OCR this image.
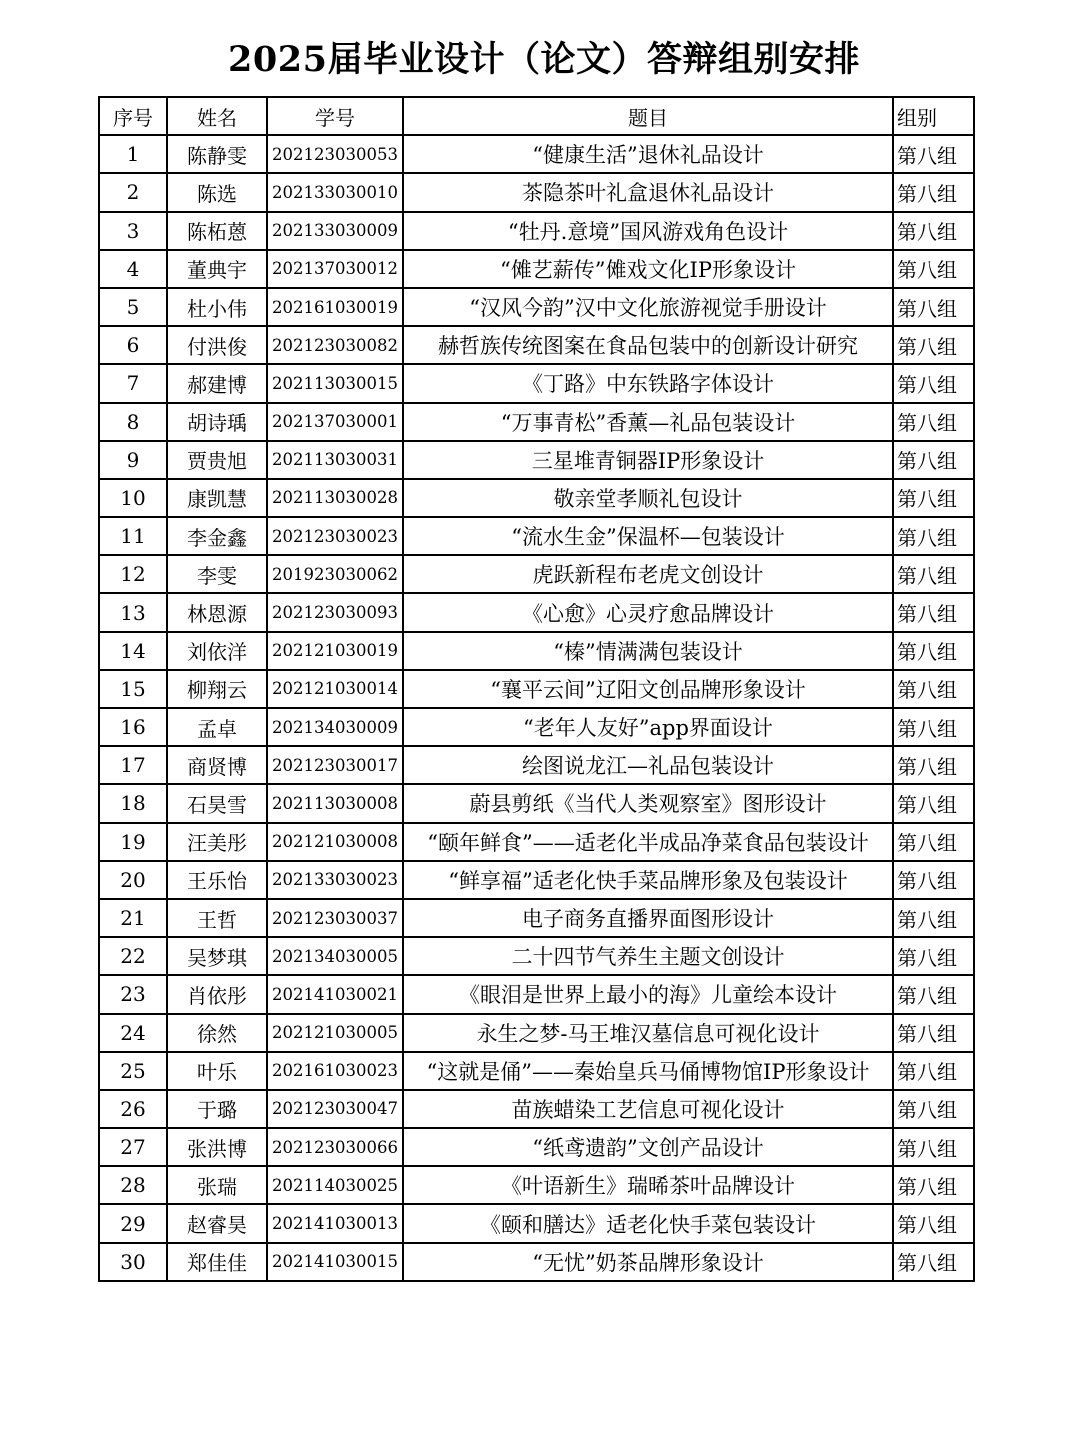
2025届毕业设计（论文）答辩组别安排
序号	姓名	学号	题目	组别
1	陈静雯	202123030053	“健康生活”退休礼品设计	第八组
2	陈选	202133030010	茶隐茶叶礼盒退休礼品设计	第八组
3	陈柘蒽	202133030009	“牡丹.意境”国风游戏角色设计	第八组
4	董典宇	202137030012	“傩艺薪传”傩戏文化IP形象设计	第八组
5	杜小伟	202161030019	“汉风今韵”汉中文化旅游视觉手册设计	第八组
6	付洪俊	202123030082	赫哲族传统图案在食品包装中的创新设计研究	第八组
7	郝建博	202113030015	《丁路》中东铁路字体设计	第八组
8	胡诗瑀	202137030001	“万事青松”香薰—礼品包装设计	第八组
9	贾贵旭	202113030031	三星堆青铜器IP形象设计	第八组
10	康凯慧	202113030028	敬亲堂孝顺礼包设计	第八组
11	李金鑫	202123030023	“流水生金”保温杯—包装设计	第八组
12	李雯	201923030062	虎跃新程布老虎文创设计	第八组
13	林恩源	202123030093	《心愈》心灵疗愈品牌设计	第八组
14	刘依洋	202121030019	“榛”情满满包装设计	第八组
15	柳翔云	202121030014	“襄平云间”辽阳文创品牌形象设计	第八组
16	孟卓	202134030009	“老年人友好”app界面设计	第八组
17	商贤博	202123030017	绘图说龙江—礼品包装设计	第八组
18	石昊雪	202113030008	蔚县剪纸《当代人类观察室》图形设计	第八组
19	汪美彤	202121030008	“颐年鲜食”——适老化半成品净菜食品包装设计	第八组
20	王乐怡	202133030023	“鲜享福”适老化快手菜品牌形象及包装设计	第八组
21	王哲	202123030037	电子商务直播界面图形设计	第八组
22	吴梦琪	202134030005	二十四节气养生主题文创设计	第八组
23	肖依彤	202141030021	《眼泪是世界上最小的海》儿童绘本设计	第八组
24	徐然	202121030005	永生之梦-马王堆汉墓信息可视化设计	第八组
25	叶乐	202161030023	“这就是俑”——秦始皇兵马俑博物馆IP形象设计	第八组
26	于璐	202123030047	苗族蜡染工艺信息可视化设计	第八组
27	张洪博	202123030066	“纸鸢遗韵”文创产品设计	第八组
28	张瑞	202114030025	《叶语新生》瑞晞茶叶品牌设计	第八组
29	赵睿昊	202141030013	《颐和膳达》适老化快手菜包装设计	第八组
30	郑佳佳	202141030015	“无忧”奶茶品牌形象设计	第八组
